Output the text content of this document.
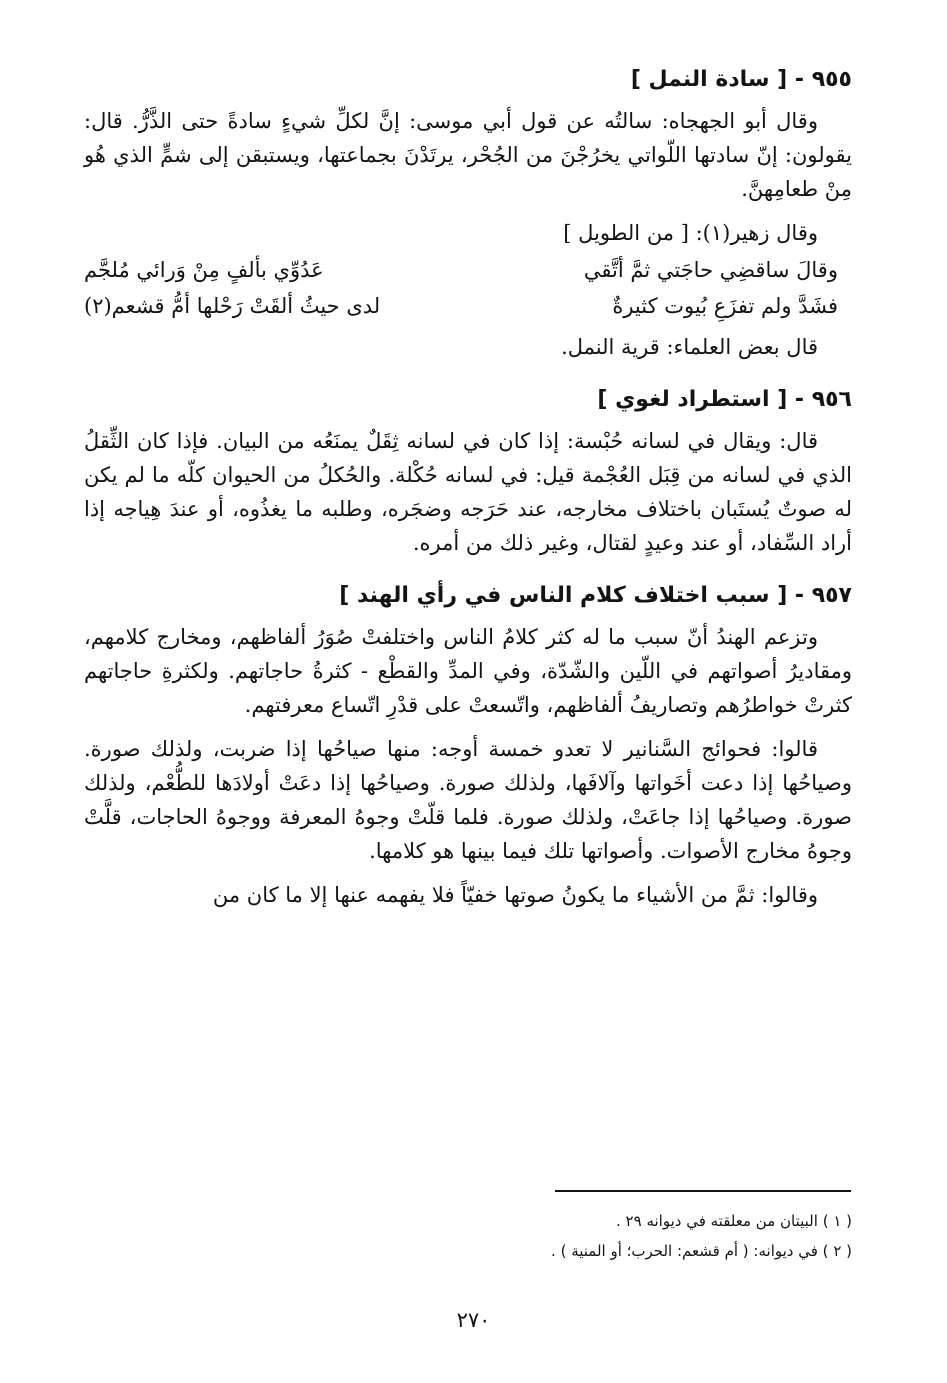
٩٥٥ - [ سادة النمل ]

وقال أبو الجهجاه: سالتُه عن قول أبي موسى: إنَّ لكلِّ شيءٍ سادةً حتى الذَّرُّ. قال: يقولون: إنّ سادتها اللّواتي يخرُجْنَ من الجُحْر، يرتَدْنَ بجماعتها، ويستبقن إلى شمٍّ الذي هُو مِنْ طعامِهنَّ.

وقال زهير(١): [ من الطويل ]

وقالَ ساقضِي حاجَتي ثمَّ أتَّقي	عَدُوِّي بألفٍ مِنْ وَرائي مُلجَّم
فشَدَّ ولم تفزَعِ بُيوت كثيرةٌ	لدى حيثُ ألقَتْ رَحْلها أمُّ قشعم(٢)

قال بعض العلماء: قرية النمل.

٩٥٦ - [ استطراد لغوي ]

قال: ويقال في لسانه حُبْسة: إذا كان في لسانه ثِقَلٌ يمنَعُه من البيان. فإذا كان الثِّقلُ الذي في لسانه من قِبَل العُجْمة قيل: في لسانه حُكْلة. والحُكلُ من الحيوان كلّه ما لم يكن له صوتٌ يُستَبان باختلاف مخارجه، عند حَرَجه وضجَره، وطلبه ما يغذُوه، أو عندَ هِياجه إذا أراد السِّفاد، أو عند وعيدٍ لقتال، وغير ذلك من أمره.

٩٥٧ - [ سبب اختلاف كلام الناس في رأي الهند ]

وتزعم الهندُ أنّ سبب ما له كثر كلامُ الناس واختلفتْ صُوَرُ ألفاظهم، ومخارج كلامهم، ومقاديرُ أصواتهم في اللّين والشّدّة، وفي المدِّ والقطْع - كثرةُ حاجاتهم. ولكثرةِ حاجاتهم كثرتْ خواطرُهم وتصاريفُ ألفاظهم، واتّسعتْ على قدْرِ اتّساع معرفتهم.

قالوا: فحوائج السَّنانير لا تعدو خمسة أوجه: منها صياحُها إذا ضربت، ولذلك صورة. وصياحُها إذا دعت أخَواتها وآلافَها، ولذلك صورة. وصياحُها إذا دعَتْ أولادَها للطُّعْم، ولذلك صورة. وصياحُها إذا جاعَتْ، ولذلك صورة. فلما قلّتْ وجوهُ المعرفة ووجوهُ الحاجات، قلَّتْ وجوهُ مخارج الأصوات. وأصواتها تلك فيما بينها هو كلامها.

وقالوا: ثمَّ من الأشياء ما يكونُ صوتها خفيّاً فلا يفهمه عنها إلا ما كان من

( ١ ) البيتان من معلقته في ديوانه ٢٩ .
( ٢ ) في ديوانه: ( أم قشعم: الحرب؛ أو المنية ) .
٢٧٠
